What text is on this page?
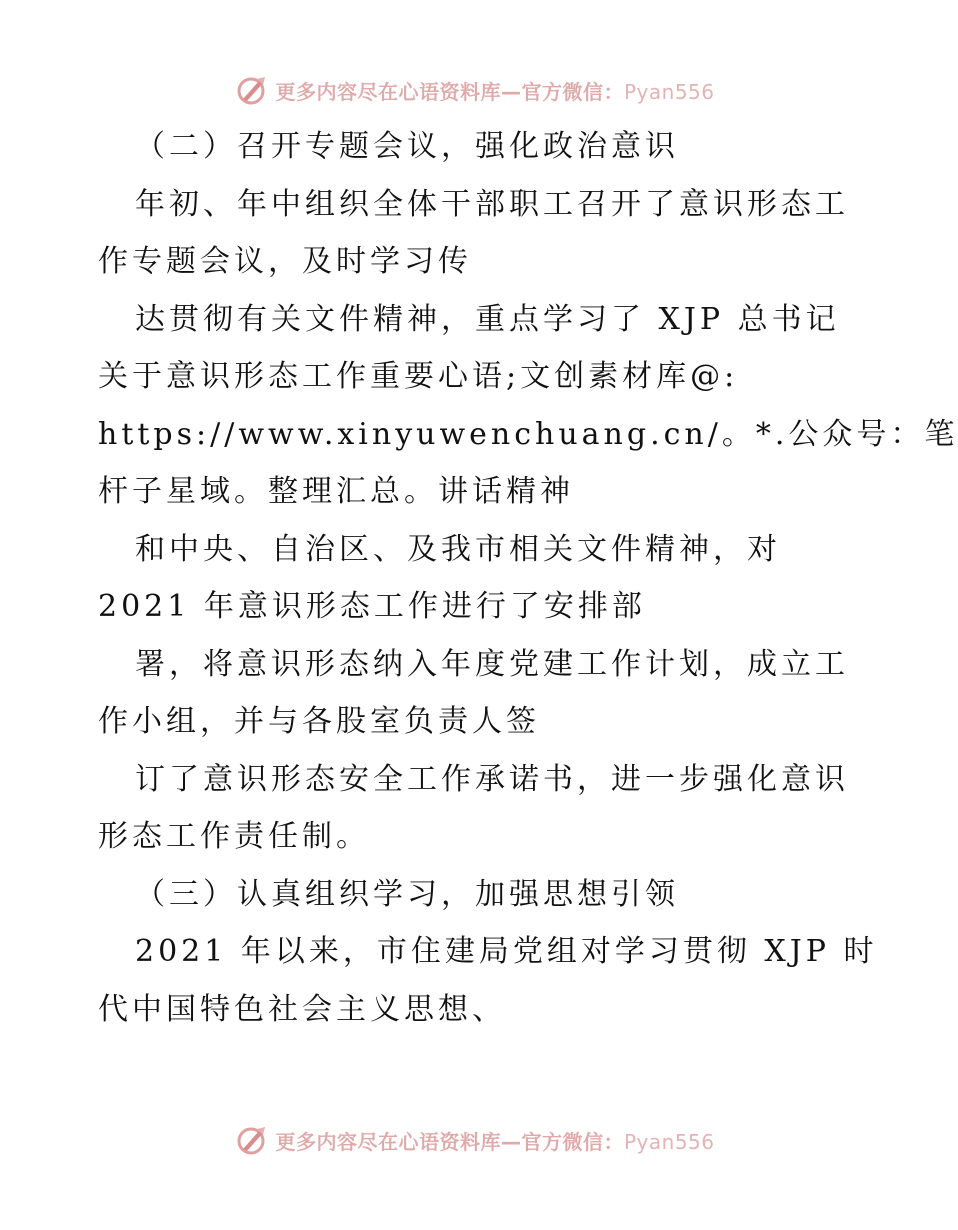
更多内容尽在心语资料库—官方微信：Pyan556
（二）召开专题会议，强化政治意识
年初、年中组织全体干部职工召开了意识形态工
作专题会议，及时学习传
达贯彻有关文件精神，重点学习了 XJP 总书记
关于意识形态工作重要心语;文创素材库@:
https://www.xinyuwenchuang.cn/。*.公众号：笔
杆子星域。整理汇总。讲话精神
和中央、自治区、及我市相关文件精神，对
2021 年意识形态工作进行了安排部
署，将意识形态纳入年度党建工作计划，成立工
作小组，并与各股室负责人签
订了意识形态安全工作承诺书，进一步强化意识
形态工作责任制。
（三）认真组织学习，加强思想引领
2021 年以来，市住建局党组对学习贯彻 XJP 时
代中国特色社会主义思想、
更多内容尽在心语资料库—官方微信：Pyan556
